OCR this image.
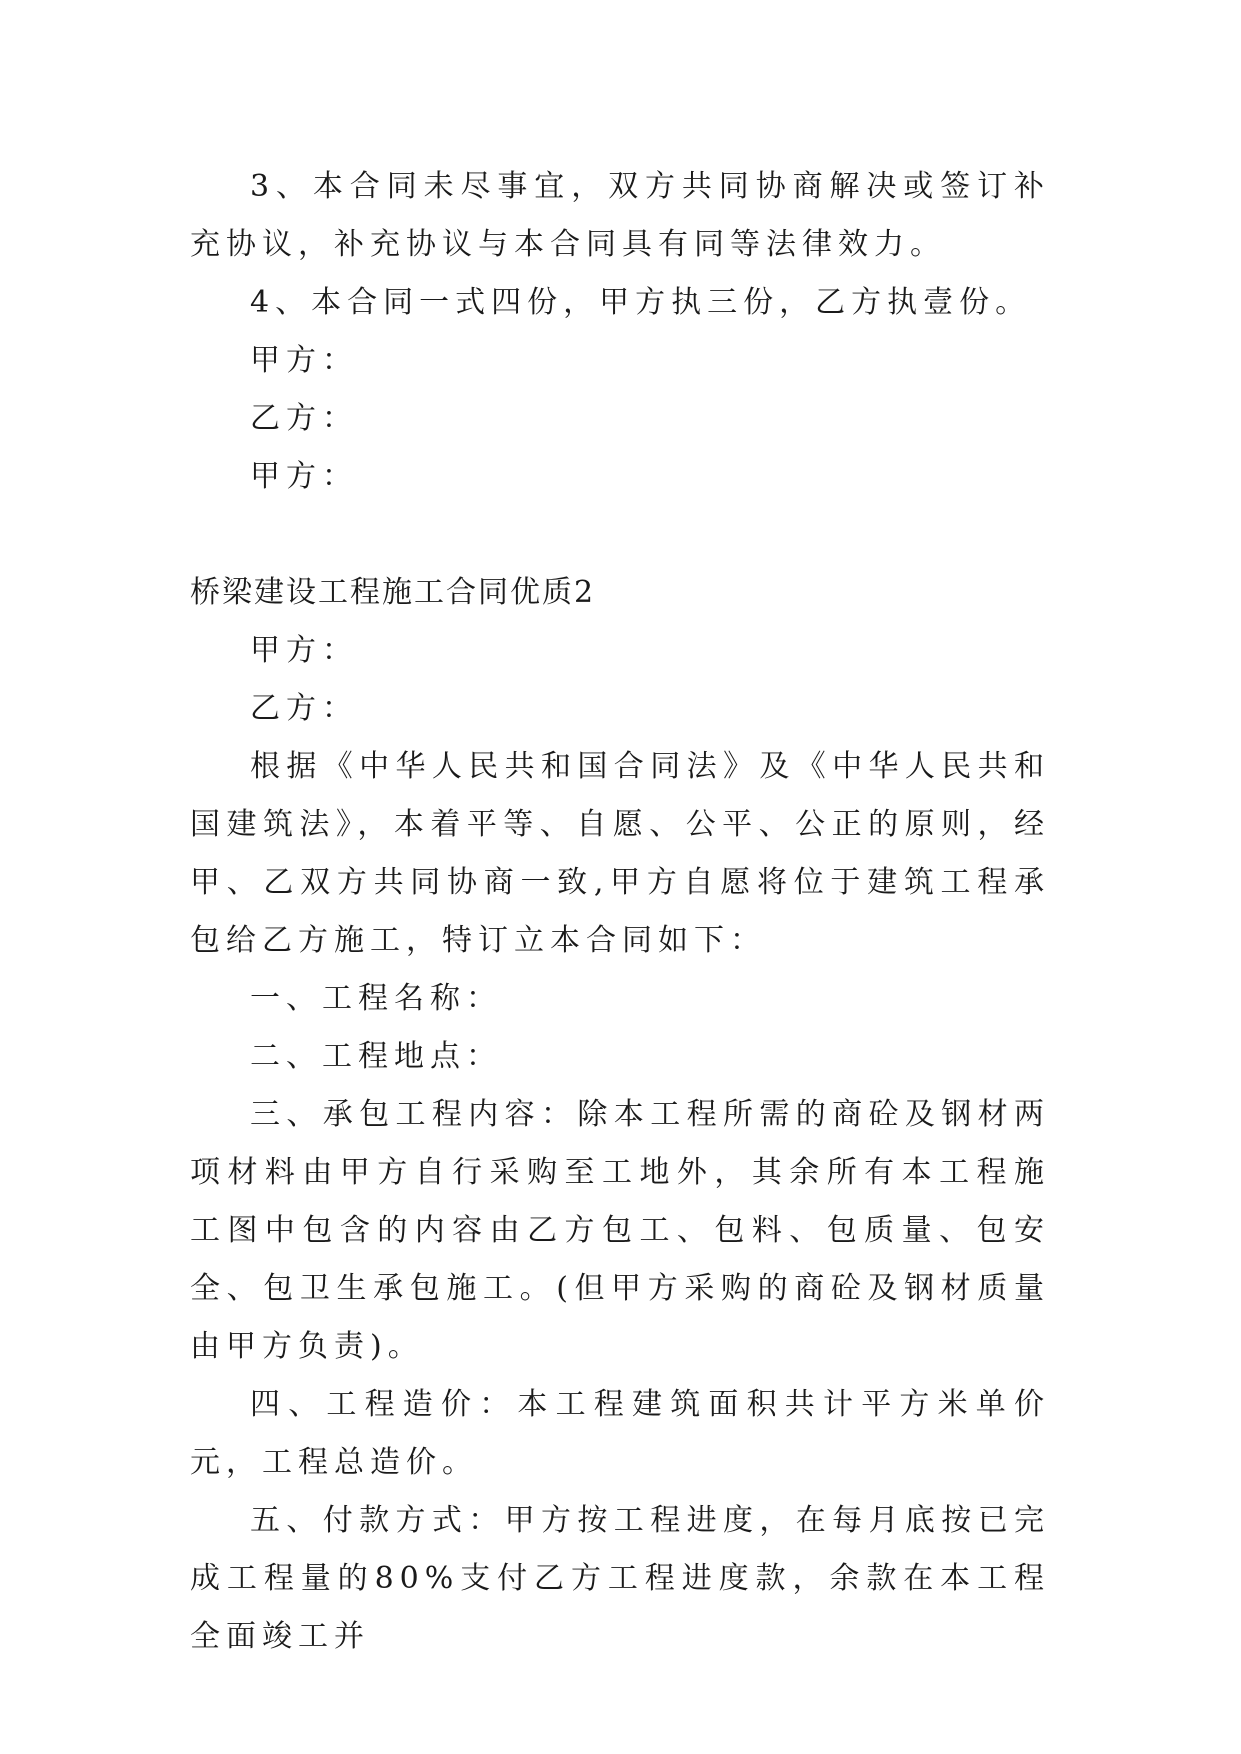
3、本合同未尽事宜，双方共同协商解决或签订补充协议，补充协议与本合同具有同等法律效力。

4、本合同一式四份，甲方执三份，乙方执壹份。

甲方：

乙方：

甲方：

桥梁建设工程施工合同优质2

甲方：

乙方：

根据《中华人民共和国合同法》及《中华人民共和国建筑法》，本着平等、自愿、公平、公正的原则，经甲、乙双方共同协商一致,甲方自愿将位于建筑工程承包给乙方施工，特订立本合同如下：

一、工程名称：

二、工程地点：

三、承包工程内容：除本工程所需的商砼及钢材两项材料由甲方自行采购至工地外，其余所有本工程施工图中包含的内容由乙方包工、包料、包质量、包安全、包卫生承包施工。(但甲方采购的商砼及钢材质量由甲方负责)。

四、工程造价：本工程建筑面积共计平方米单价元，工程总造价。

五、付款方式：甲方按工程进度，在每月底按已完成工程量的80%支付乙方工程进度款，余款在本工程全面竣工并
